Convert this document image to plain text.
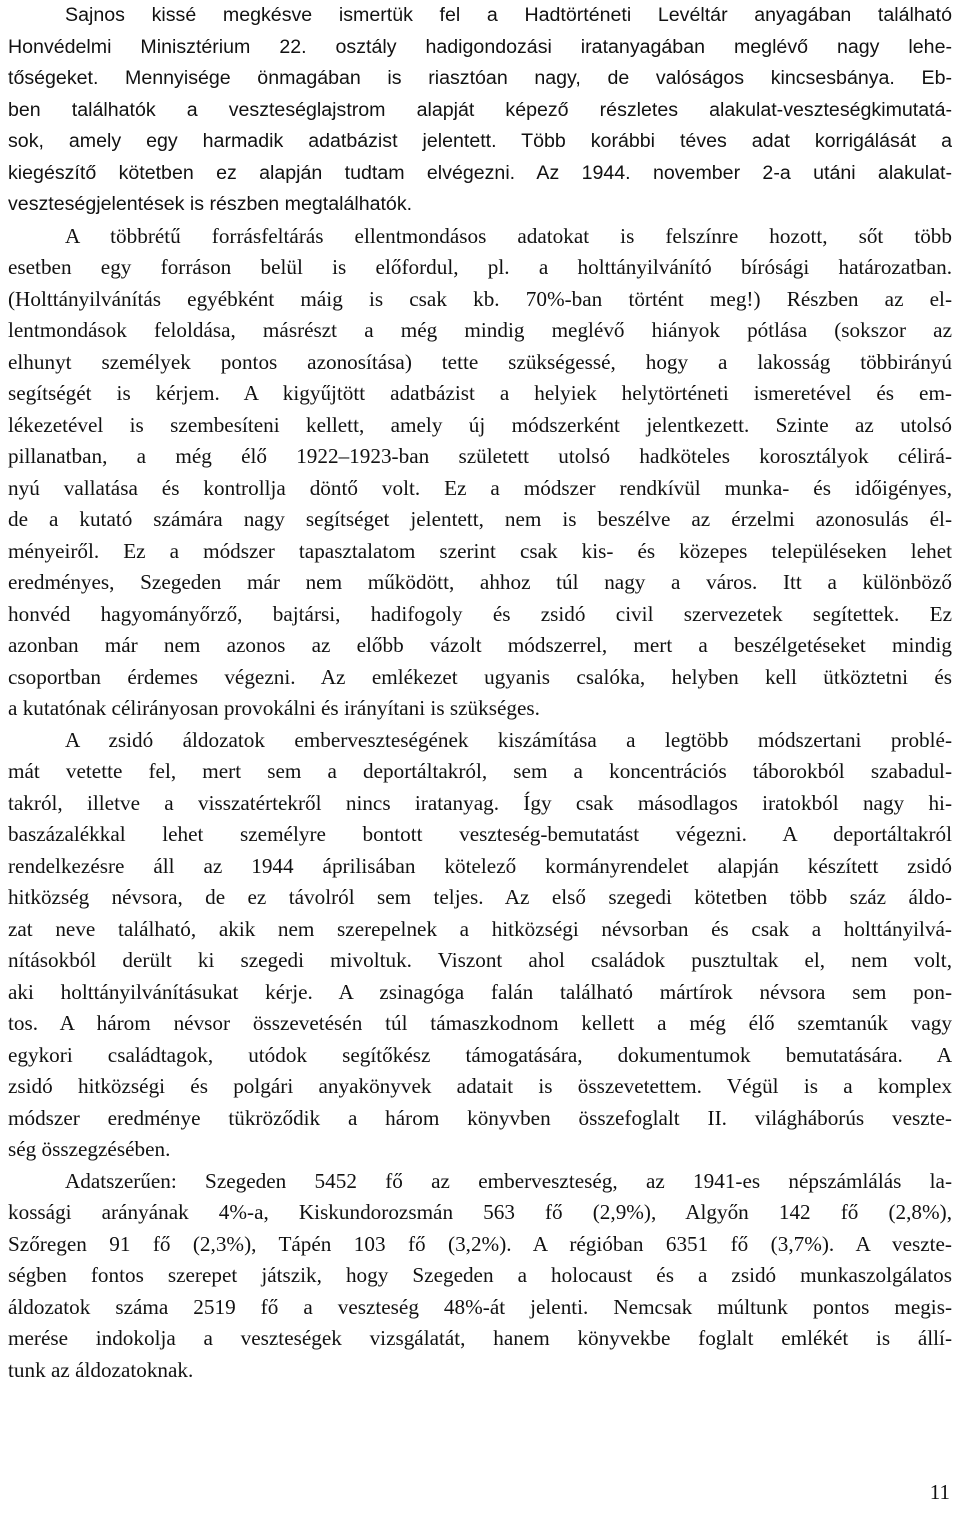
Sajnos kissé megkésve ismertük fel a Hadtörténeti Levéltár anyagában található
Honvédelmi Minisztérium 22. osztály hadigondozási iratanyagában meglévő nagy lehe-
tőségeket. Mennyisége önmagában is riasztóan nagy, de valóságos kincsesbánya. Eb-
ben találhatók a veszteséglajstrom alapját képező részletes alakulat-veszteségkimutatá-
sok, amely egy harmadik adatbázist jelentett. Több korábbi téves adat korrigálását a
kiegészítő kötetben ez alapján tudtam elvégezni. Az 1944. november 2-a utáni alakulat-
veszteségjelentések is részben megtalálhatók.
A többrétű forrásfeltárás ellentmondásos adatokat is felszínre hozott, sőt több
esetben egy forráson belül is előfordul, pl. a holttányilvánító bírósági határozatban.
(Holttányilvánítás egyébként máig is csak kb. 70%-ban történt meg!) Részben az el-
lentmondások feloldása, másrészt a még mindig meglévő hiányok pótlása (sokszor az
elhunyt személyek pontos azonosítása) tette szükségessé, hogy a lakosság többirányú
segítségét is kérjem. A kigyűjtött adatbázist a helyiek helytörténeti ismeretével és em-
lékezetével is szembesíteni kellett, amely új módszerként jelentkezett. Szinte az utolsó
pillanatban, a még élő 1922–1923-ban született utolsó hadköteles korosztályok célirá-
nyú vallatása és kontrollja döntő volt. Ez a módszer rendkívül munka- és időigényes,
de a kutató számára nagy segítséget jelentett, nem is beszélve az érzelmi azonosulás él-
ményeiről. Ez a módszer tapasztalatom szerint csak kis- és közepes településeken lehet
eredményes, Szegeden már nem működött, ahhoz túl nagy a város. Itt a különböző
honvéd hagyományőrző, bajtársi, hadifogoly és zsidó civil szervezetek segítettek. Ez
azonban már nem azonos az előbb vázolt módszerrel, mert a beszélgetéseket mindig
csoportban érdemes végezni. Az emlékezet ugyanis csalóka, helyben kell ütköztetni és
a kutatónak célirányosan provokálni és irányítani is szükséges.
A zsidó áldozatok emberveszteségének kiszámítása a legtöbb módszertani problé-
mát vetette fel, mert sem a deportáltakról, sem a koncentrációs táborokból szabadul-
takról, illetve a visszatértekről nincs iratanyag. Így csak másodlagos iratokból nagy hi-
baszázalékkal lehet személyre bontott veszteség-bemutatást végezni. A deportáltakról
rendelkezésre áll az 1944 áprilisában kötelező kormányrendelet alapján készített zsidó
hitközség névsora, de ez távolról sem teljes. Az első szegedi kötetben több száz áldo-
zat neve található, akik nem szerepelnek a hitközségi névsorban és csak a holttányilvá-
nításokból derült ki szegedi mivoltuk. Viszont ahol családok pusztultak el, nem volt,
aki holttányilvánításukat kérje. A zsinagóga falán található mártírok névsora sem pon-
tos. A három névsor összevetésén túl támaszkodnom kellett a még élő szemtanúk vagy
egykori családtagok, utódok segítőkész támogatására, dokumentumok bemutatására. A
zsidó hitközségi és polgári anyakönyvek adatait is összevetettem. Végül is a komplex
módszer eredménye tükröződik a három könyvben összefoglalt II. világháborús veszte-
ség összegzésében.
Adatszerűen: Szegeden 5452 fő az emberveszteség, az 1941-es népszámlálás la-
kossági arányának 4%-a, Kiskundorozsmán 563 fő (2,9%), Algyőn 142 fő (2,8%),
Szőregen 91 fő (2,3%), Tápén 103 fő (3,2%). A régióban 6351 fő (3,7%). A veszte-
ségben fontos szerepet játszik, hogy Szegeden a holocaust és a zsidó munkaszolgálatos
áldozatok száma 2519 fő a veszteség 48%-át jelenti. Nemcsak múltunk pontos megis-
merése indokolja a veszteségek vizsgálatát, hanem könyvekbe foglalt emlékét is állí-
tunk az áldozatoknak.
11
